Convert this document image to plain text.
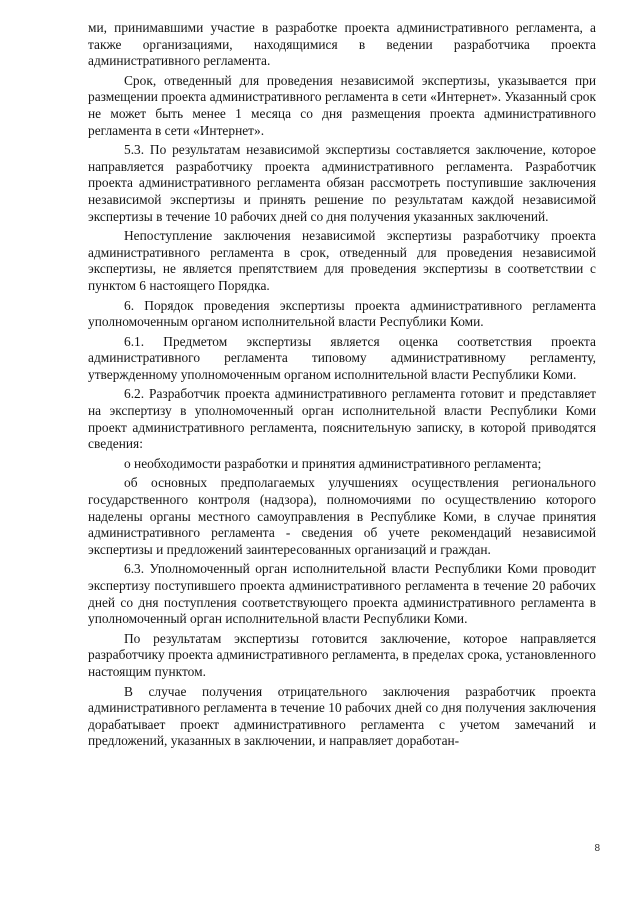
ми, принимавшими участие в разработке проекта административного регламента, а также организациями, находящимися в ведении разработчика проекта административного регламента.

Срок, отведенный для проведения независимой экспертизы, указывается при размещении проекта административного регламента в сети «Интернет». Указанный срок не может быть менее 1 месяца со дня размещения проекта административного регламента в сети «Интернет».

5.3. По результатам независимой экспертизы составляется заключение, которое направляется разработчику проекта административного регламента. Разработчик проекта административного регламента обязан рассмотреть поступившие заключения независимой экспертизы и принять решение по результатам каждой независимой экспертизы в течение 10 рабочих дней со дня получения указанных заключений.

Непоступление заключения независимой экспертизы разработчику проекта административного регламента в срок, отведенный для проведения независимой экспертизы, не является препятствием для проведения экспертизы в соответствии с пунктом 6 настоящего Порядка.

6. Порядок проведения экспертизы проекта административного регламента уполномоченным органом исполнительной власти Республики Коми.

6.1. Предметом экспертизы является оценка соответствия проекта административного регламента типовому административному регламенту, утвержденному уполномоченным органом исполнительной власти Республики Коми.

6.2. Разработчик проекта административного регламента готовит и представляет на экспертизу в уполномоченный орган исполнительной власти Республики Коми проект административного регламента, пояснительную записку, в которой приводятся сведения:

о необходимости разработки и принятия административного регламента;

об основных предполагаемых улучшениях осуществления регионального государственного контроля (надзора), полномочиями по осуществлению которого наделены органы местного самоуправления в Республике Коми, в случае принятия административного регламента - сведения об учете рекомендаций независимой экспертизы и предложений заинтересованных организаций и граждан.

6.3. Уполномоченный орган исполнительной власти Республики Коми проводит экспертизу поступившего проекта административного регламента в течение 20 рабочих дней со дня поступления соответствующего проекта административного регламента в уполномоченный орган исполнительной власти Республики Коми.

По результатам экспертизы готовится заключение, которое направляется разработчику проекта административного регламента, в пределах срока, установленного настоящим пунктом.

В случае получения отрицательного заключения разработчик проекта административного регламента в течение 10 рабочих дней со дня получения заключения дорабатывает проект административного регламента с учетом замечаний и предложений, указанных в заключении, и направляет доработан-

8
